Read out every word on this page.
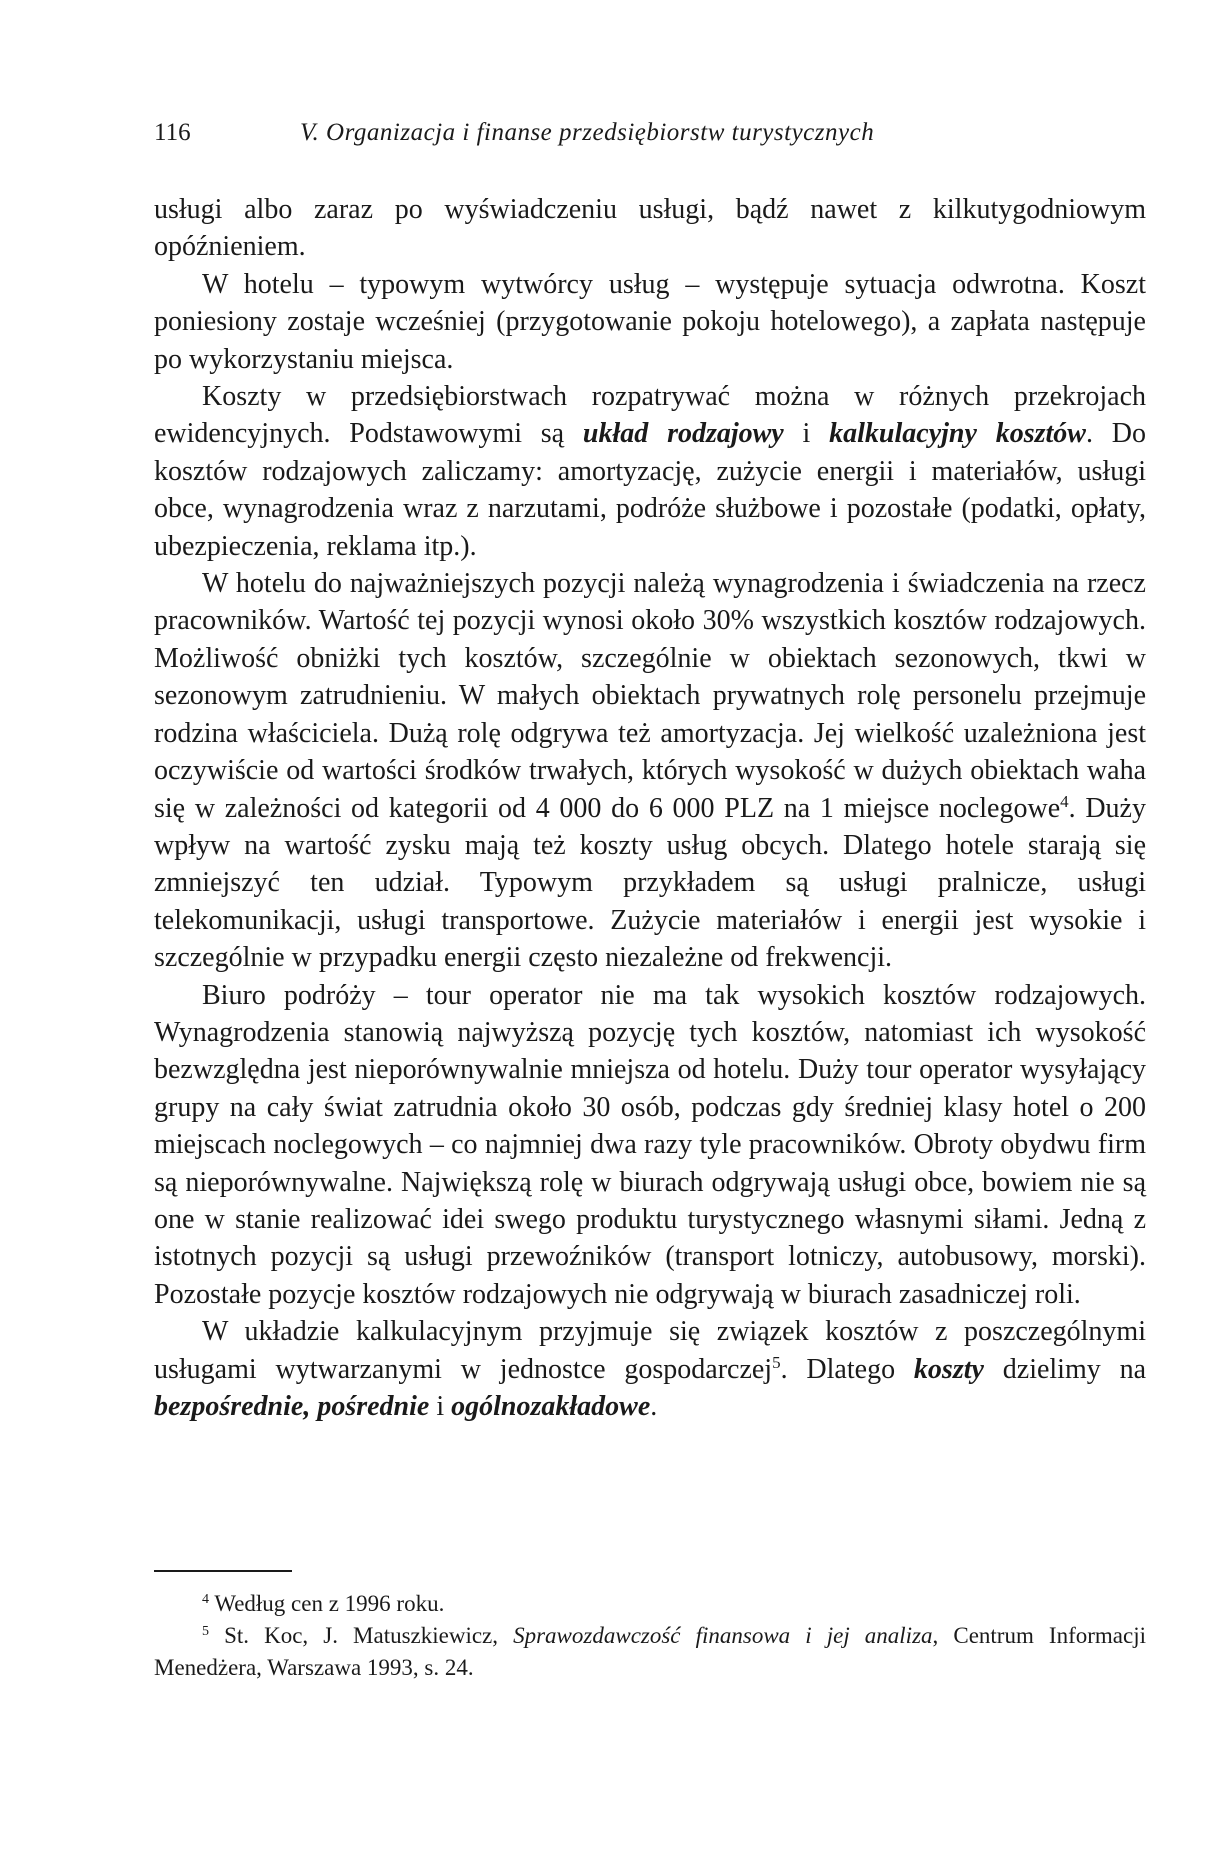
116	V. Organizacja i finanse przedsiębiorstw turystycznych

usługi albo zaraz po wyświadczeniu usługi, bądź nawet z kilkutygodniowym opóźnieniem.

W hotelu – typowym wytwórcy usług – występuje sytuacja odwrotna. Koszt poniesiony zostaje wcześniej (przygotowanie pokoju hotelowego), a zapłata następuje po wykorzystaniu miejsca.

Koszty w przedsiębiorstwach rozpatrywać można w różnych przekrojach ewidencyjnych. Podstawowymi są układ rodzajowy i kalkulacyjny kosztów. Do kosztów rodzajowych zaliczamy: amortyzację, zużycie energii i materiałów, usługi obce, wynagrodzenia wraz z narzutami, podróże służbowe i pozostałe (podatki, opłaty, ubezpieczenia, reklama itp.).

W hotelu do najważniejszych pozycji należą wynagrodzenia i świadczenia na rzecz pracowników. Wartość tej pozycji wynosi około 30% wszystkich kosztów rodzajowych. Możliwość obniżki tych kosztów, szczególnie w obiektach sezonowych, tkwi w sezonowym zatrudnieniu. W małych obiektach prywatnych rolę personelu przejmuje rodzina właściciela. Dużą rolę odgrywa też amortyzacja. Jej wielkość uzależniona jest oczywiście od wartości środków trwałych, których wysokość w dużych obiektach waha się w zależności od kategorii od 4 000 do 6 000 PLZ na 1 miejsce noclegowe$^4$. Duży wpływ na wartość zysku mają też koszty usług obcych. Dlatego hotele starają się zmniejszyć ten udział. Typowym przykładem są usługi pralnicze, usługi telekomunikacji, usługi transportowe. Zużycie materiałów i energii jest wysokie i szczególnie w przypadku energii często niezależne od frekwencji.

Biuro podróży – tour operator nie ma tak wysokich kosztów rodzajowych. Wynagrodzenia stanowią najwyższą pozycję tych kosztów, natomiast ich wysokość bezwzględna jest nieporównywalnie mniejsza od hotelu. Duży tour operator wysyłający grupy na cały świat zatrudnia około 30 osób, podczas gdy średniej klasy hotel o 200 miejscach noclegowych – co najmniej dwa razy tyle pracowników. Obroty obydwu firm są nieporównywalne. Największą rolę w biurach odgrywają usługi obce, bowiem nie są one w stanie realizować idei swego produktu turystycznego własnymi siłami. Jedną z istotnych pozycji są usługi przewoźników (transport lotniczy, autobusowy, morski). Pozostałe pozycje kosztów rodzajowych nie odgrywają w biurach zasadniczej roli.

W układzie kalkulacyjnym przyjmuje się związek kosztów z poszczególnymi usługami wytwarzanymi w jednostce gospodarczej$^5$. Dlatego koszty dzielimy na bezpośrednie, pośrednie i ogólnozakładowe.

$^4$ Według cen z 1996 roku.

$^5$ St. Koc, J. Matuszkiewicz, Sprawozdawczość finansowa i jej analiza, Centrum Informacji Menedżera, Warszawa 1993, s. 24.
